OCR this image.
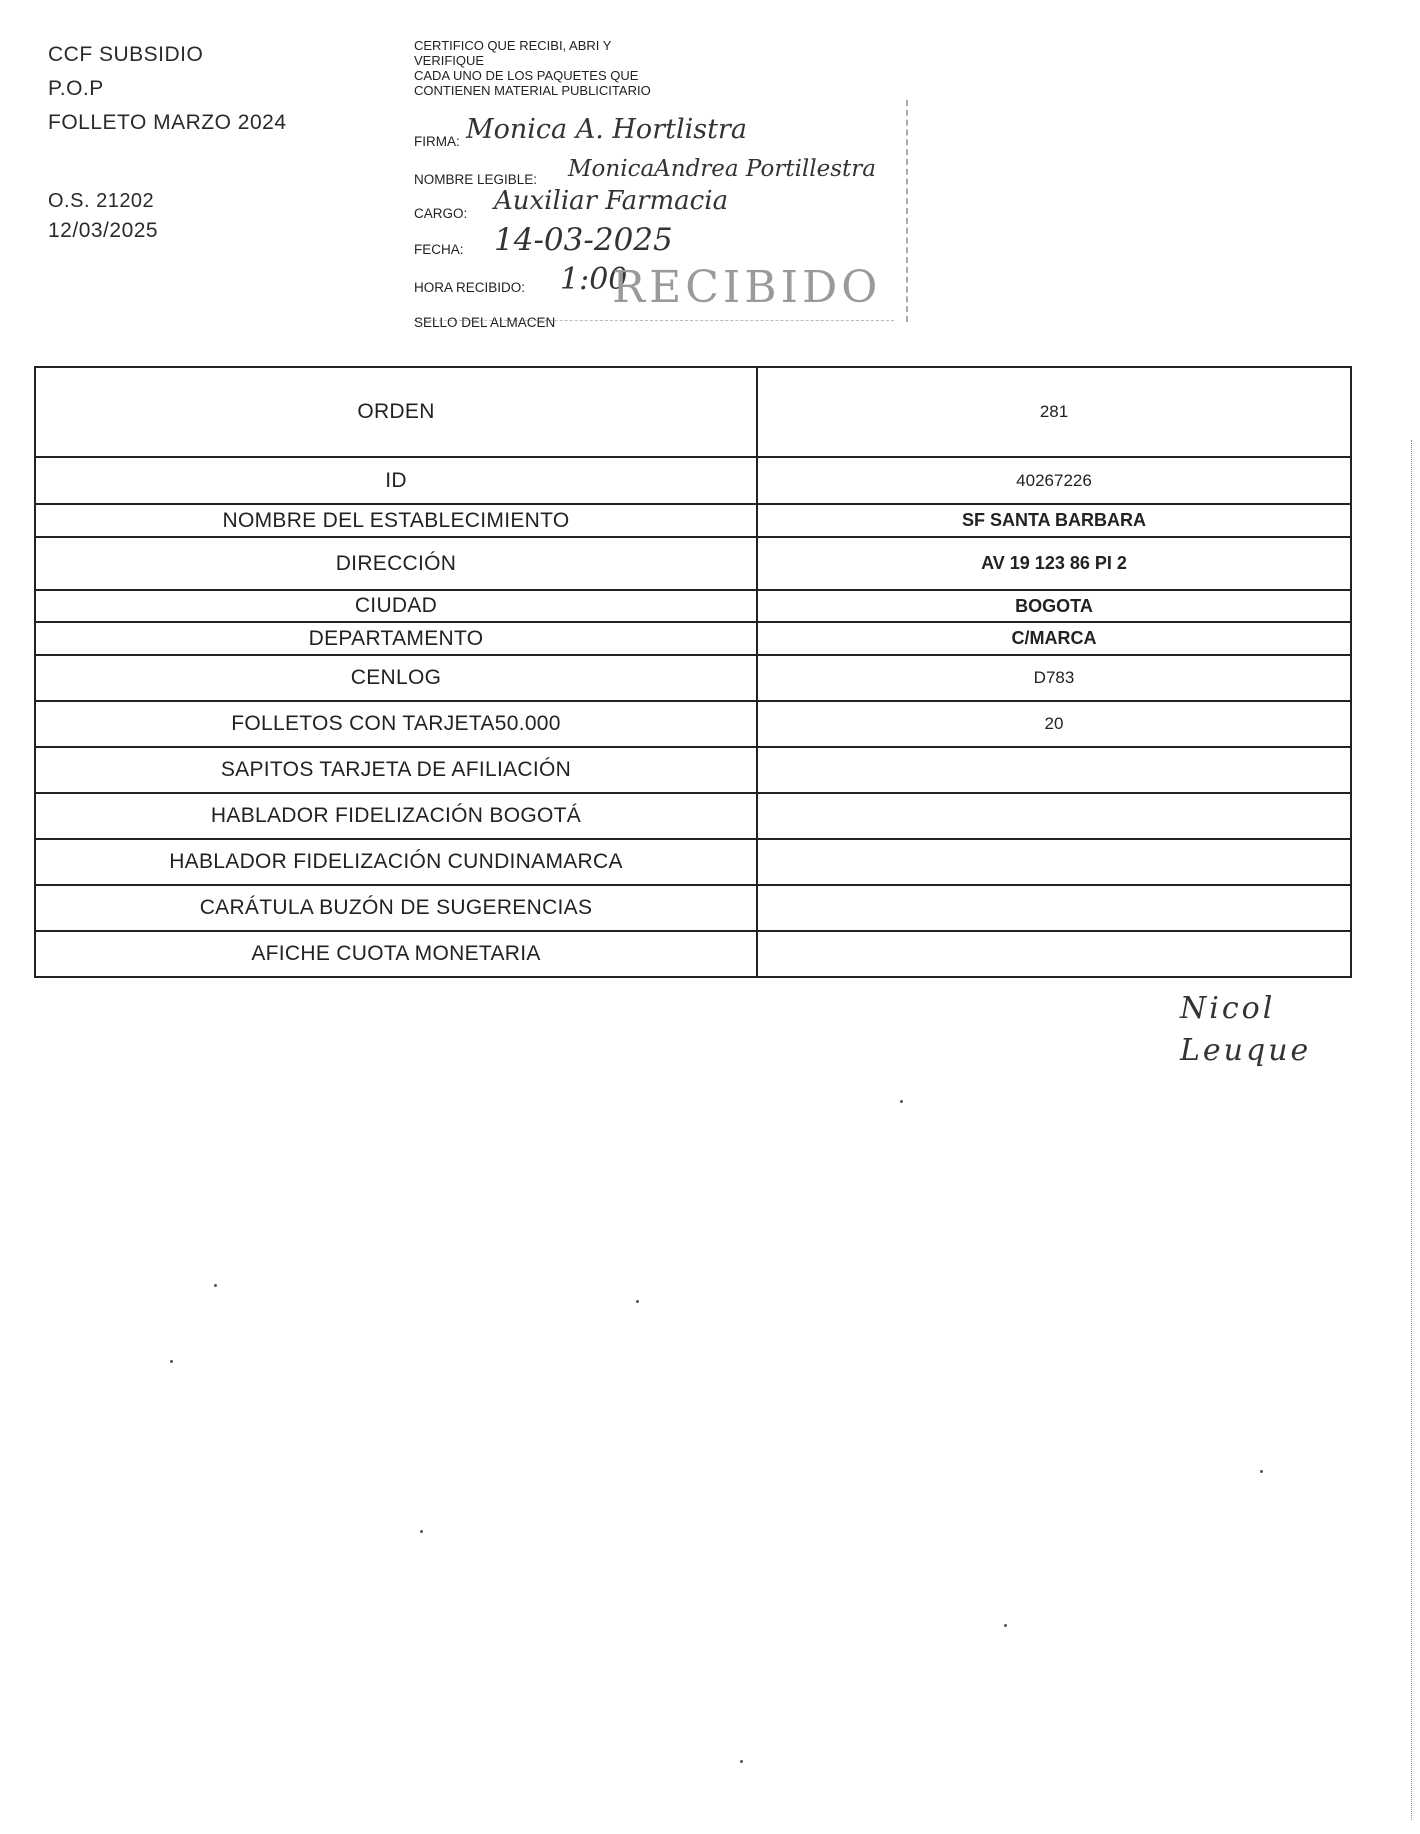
CCF SUBSIDIO
P.O.P
FOLLETO MARZO 2024
O.S. 21202
12/03/2025
CERTIFICO QUE RECIBI, ABRI Y
VERIFIQUE
CADA UNO DE LOS PAQUETES QUE
CONTIENEN MATERIAL PUBLICITARIO
FIRMA: Monica A. Hortlistra
NOMBRE LEGIBLE: MonicaAndrea Portillestra
CARGO: Auxiliar Farmacia
FECHA: 14-03-2025
HORA RECIBIDO: 1:00
RECIBIDO
SELLO DEL ALMACEN
ORDEN	281
ID	40267226
NOMBRE DEL ESTABLECIMIENTO	SF SANTA BARBARA
DIRECCIÓN	AV 19 123 86 PI 2
CIUDAD	BOGOTA
DEPARTAMENTO	C/MARCA
CENLOG	D783
FOLLETOS CON TARJETA50.000	20
SAPITOS TARJETA DE AFILIACIÓN	
HABLADOR FIDELIZACIÓN BOGOTÁ	
HABLADOR FIDELIZACIÓN CUNDINAMARCA	
CARÁTULA BUZÓN DE SUGERENCIAS	
AFICHE CUOTA MONETARIA	
Nicol
Leuque
